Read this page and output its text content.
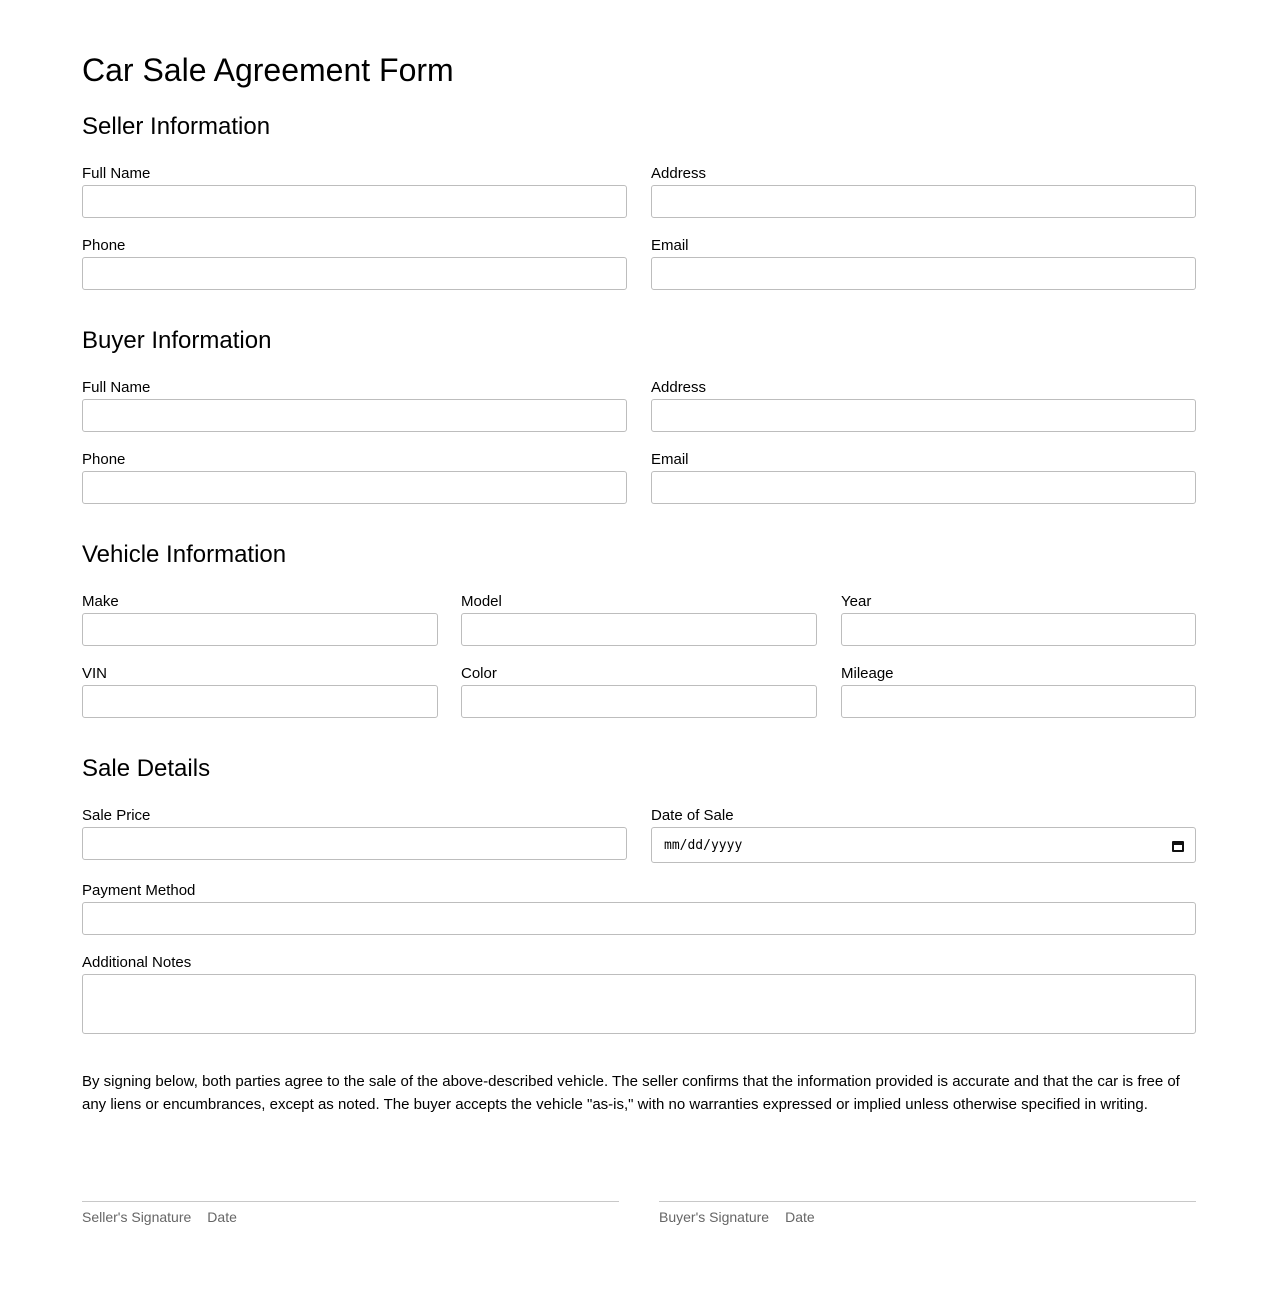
Car Sale Agreement Form
Seller Information
Full Name	Address
Phone	Email
Buyer Information
Full Name	Address
Phone	Email
Vehicle Information
Make	Model	Year
VIN	Color	Mileage
Sale Details
Sale Price	Date of Sale
mm/dd/yyyy
Payment Method
Additional Notes

By signing below, both parties agree to the sale of the above-described vehicle. The seller confirms that the information provided is accurate and that the car is free of any liens or encumbrances, except as noted. The buyer accepts the vehicle "as-is," with no warranties expressed or implied unless otherwise specified in writing.

Seller's Signature Date	Buyer's Signature Date
